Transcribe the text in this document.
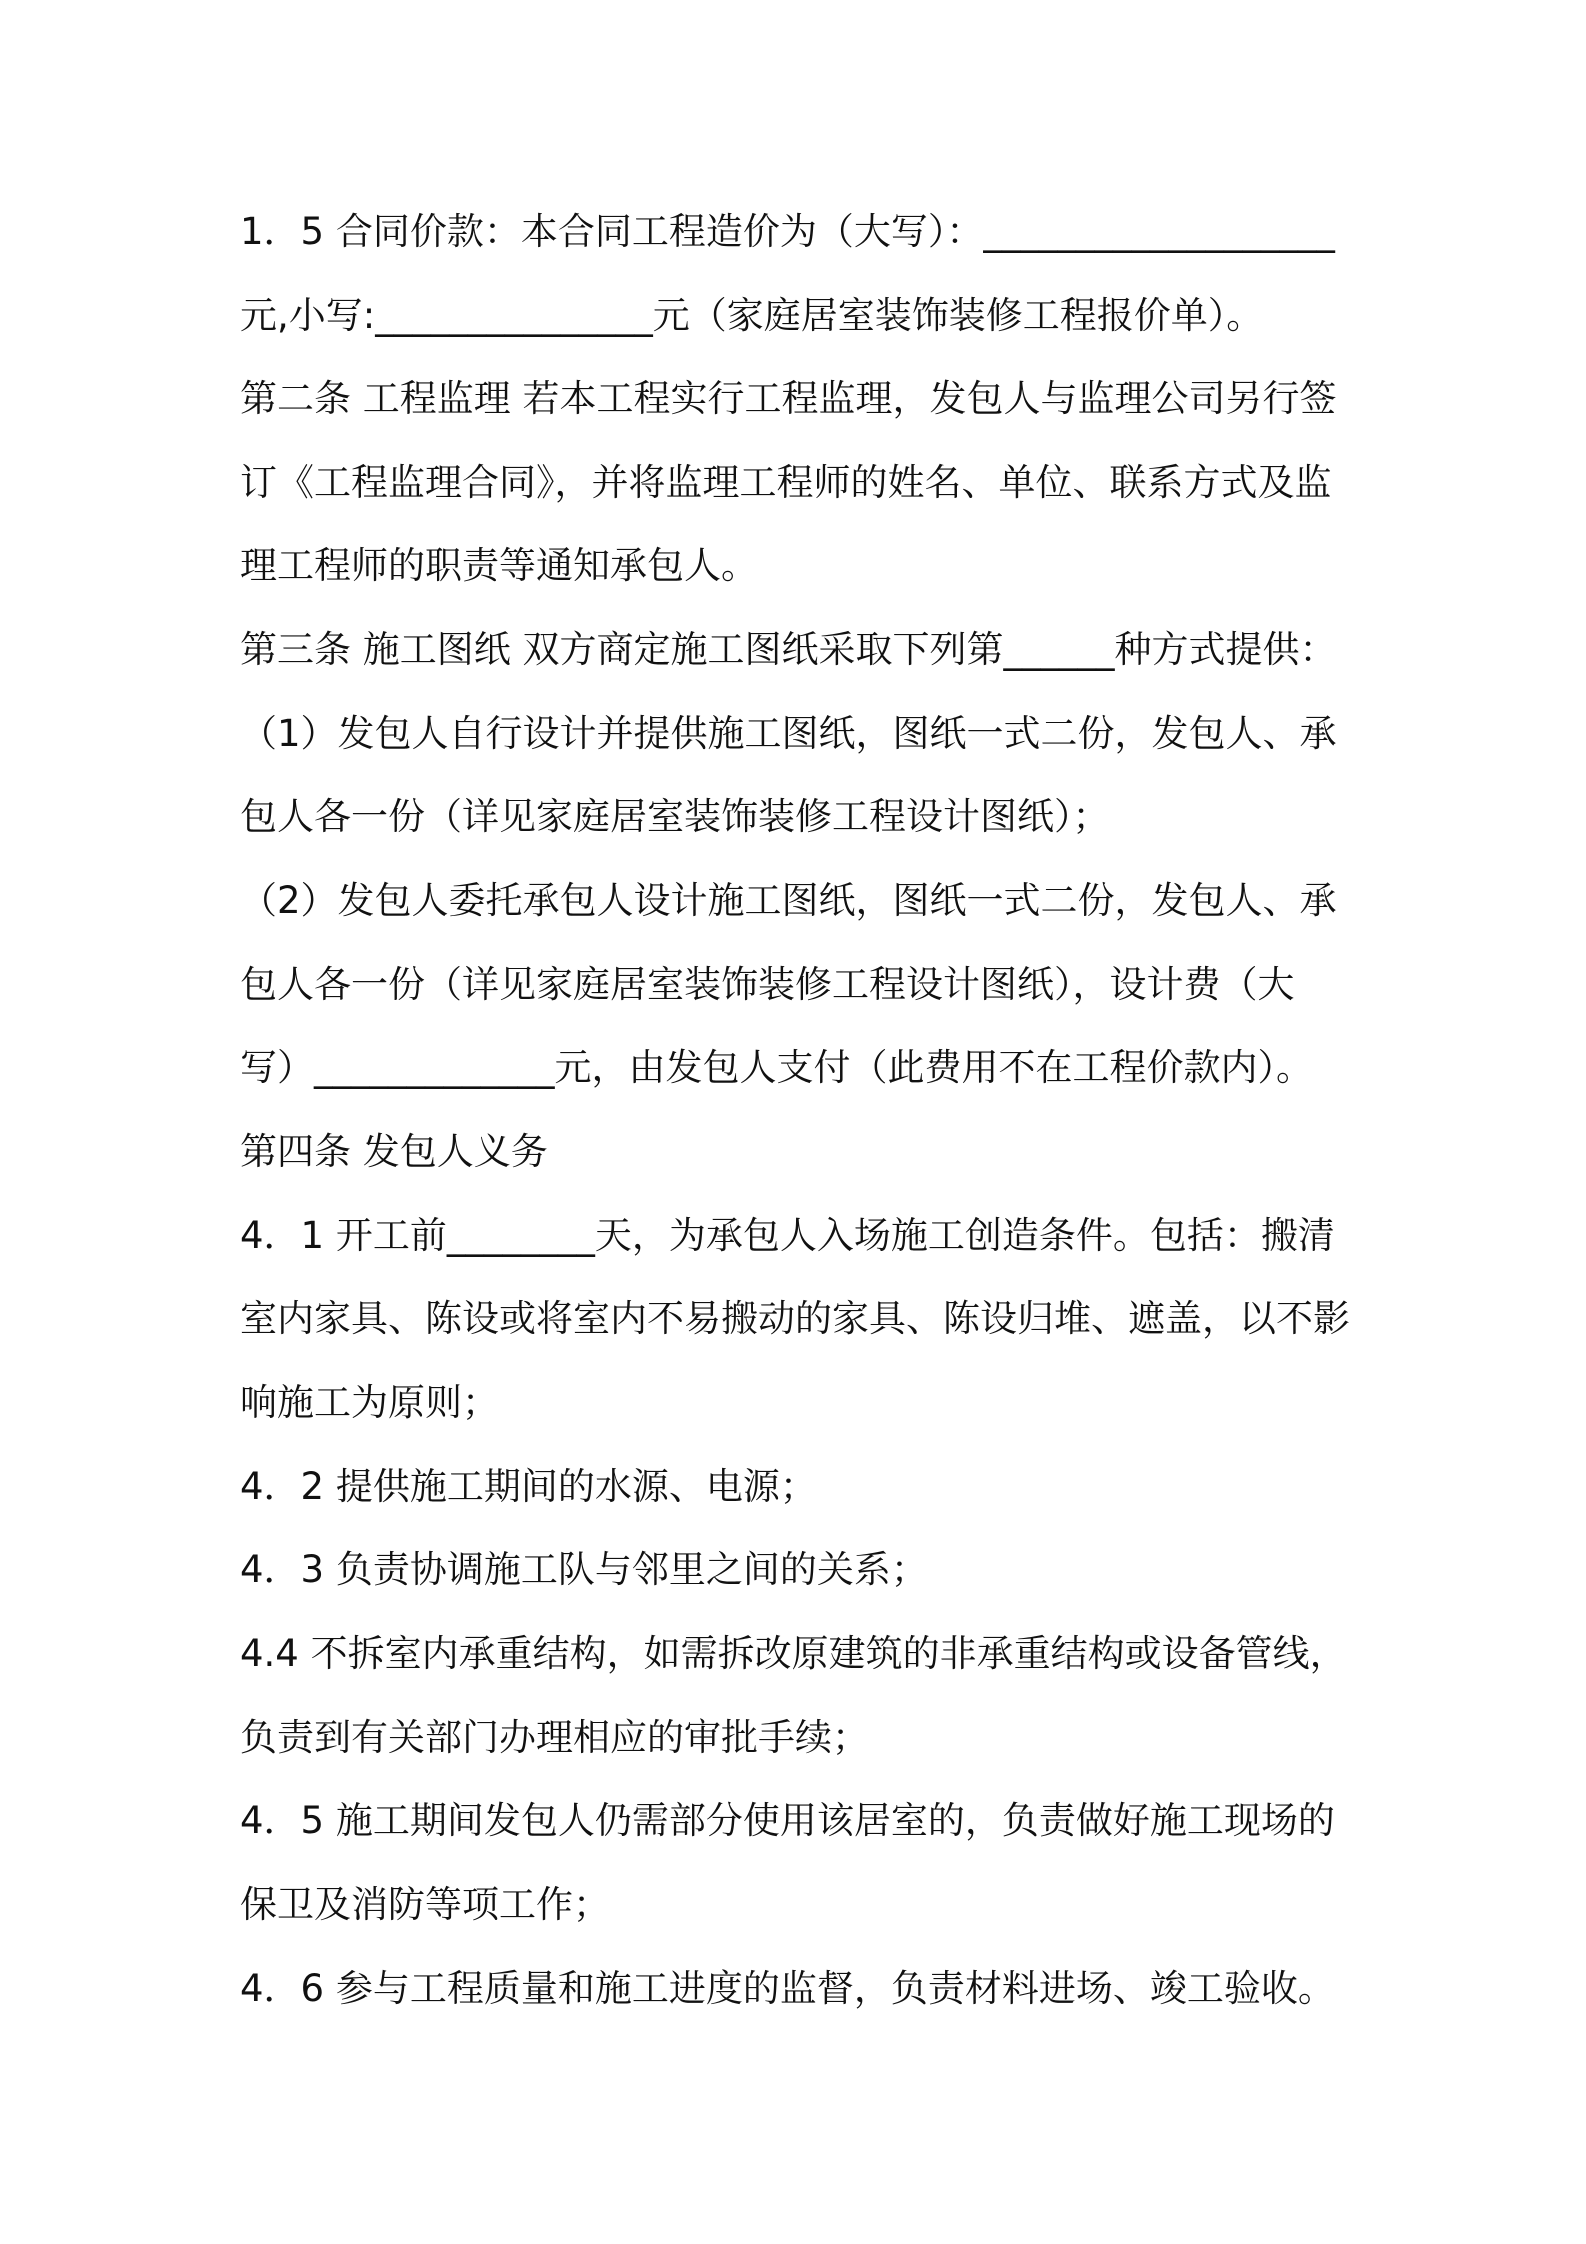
1．5 合同价款：本合同工程造价为（大写）：___________________
元,小写:_______________元（家庭居室装饰装修工程报价单）。
第二条 工程监理 若本工程实行工程监理，发包人与监理公司另行签
订《工程监理合同》，并将监理工程师的姓名、单位、联系方式及监
理工程师的职责等通知承包人。
第三条 施工图纸 双方商定施工图纸采取下列第______种方式提供：
（1）发包人自行设计并提供施工图纸，图纸一式二份，发包人、承
包人各一份（详见家庭居室装饰装修工程设计图纸）；
（2）发包人委托承包人设计施工图纸，图纸一式二份，发包人、承
包人各一份（详见家庭居室装饰装修工程设计图纸），设计费（大
写）_____________元，由发包人支付（此费用不在工程价款内）。
第四条 发包人义务
4．1 开工前________天，为承包人入场施工创造条件。包括：搬清
室内家具、陈设或将室内不易搬动的家具、陈设归堆、遮盖，以不影
响施工为原则；
4．2 提供施工期间的水源、电源；
4．3 负责协调施工队与邻里之间的关系；
4.4 不拆室内承重结构，如需拆改原建筑的非承重结构或设备管线，
负责到有关部门办理相应的审批手续；
4．5 施工期间发包人仍需部分使用该居室的，负责做好施工现场的
保卫及消防等项工作；
4．6 参与工程质量和施工进度的监督，负责材料进场、竣工验收。
